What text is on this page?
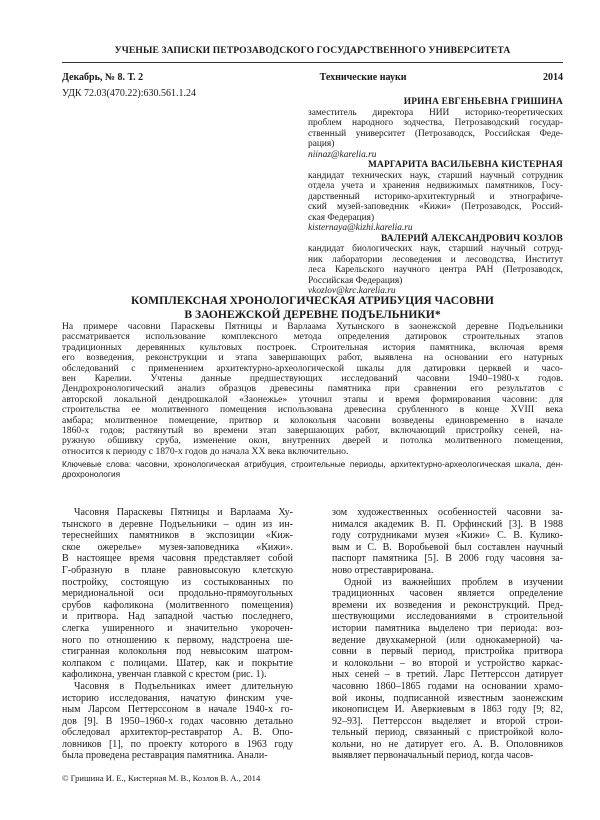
УЧЕНЫЕ ЗАПИСКИ ПЕТРОЗАВОДСКОГО ГОСУДАРСТВЕННОГО УНИВЕРСИТЕТА
Декабрь, № 8. Т. 2	Технические науки	2014
УДК 72.03(470.22):630.561.1.24
ИРИНА ЕВГЕНЬЕВНА ГРИШИНА
заместитель директора НИИ историко-теоретических
проблем народного зодчества, Петрозаводский государ-
ственный университет (Петрозаводск, Российская Феде-
рация)
niinaz@karelia.ru
МАРГАРИТА ВАСИЛЬЕВНА КИСТЕРНАЯ
кандидат технических наук, старший научный сотрудник
отдела учета и хранения недвижимых памятников, Госу-
дарственный историко-архитектурный и этнографиче-
ский музей-заповедник «Кижи» (Петрозаводск, Россий-
ская Федерация)
kisternaya@kizhi.karelia.ru
ВАЛЕРИЙ АЛЕКСАНДРОВИЧ КОЗЛОВ
кандидат биологических наук, старший научный сотруд-
ник лаборатории лесоведения и лесоводства, Институт
леса Карельского научного центра РАН (Петрозаводск,
Российская Федерация)
vkozlov@krc.karelia.ru
КОМПЛЕКСНАЯ ХРОНОЛОГИЧЕСКАЯ АТРИБУЦИЯ ЧАСОВНИ
В ЗАОНЕЖСКОЙ ДЕРЕВНЕ ПОДЪЕЛЬНИКИ*
На примере часовни Параскевы Пятницы и Варлаама Хутынского в заонежской деревне Подъельники
рассматривается использование комплексного метода определения датировок строительных этапов
традиционных деревянных культовых построек. Строительная история памятника, включая время
его возведения, реконструкции и этапа завершающих работ, выявлена на основании его натурных
обследований с применением архитектурно-археологической шкалы для датировки церквей и часо-
вен Карелии. Учтены данные предшествующих исследований часовни 1940–1980-х годов.
Дендрохронологический анализ образцов древесины памятника при сравнении его результатов с
авторской локальной дендрошкалой «Заонежье» уточнил этапы и время формирования часовни: для
строительства ее молитвенного помещения использована древесина срубленного в конце XVIII века
амбара; молитвенное помещение, притвор и колокольня часовни возведены единовременно в начале
1860-х годов; растянутый во времени этап завершающих работ, включающий пристройку сеней, на-
ружную обшивку сруба, изменение окон, внутренних дверей и потолка молитвенного помещения,
относится к периоду с 1870-х годов до начала XX века включительно.
Ключевые слова: часовни, хронологическая атрибуция, строительные периоды, архитектурно-археологическая шкала, ден-
дрохронология
Часовня Параскевы Пятницы и Варлаама Ху-
тынского в деревне Подъельники – один из ин-
тереснейших памятников в экспозиции «Киж-
ское ожерелье» музея-заповедника «Кижи».
В настоящее время часовня представляет собой
Г-образную в плане равновысокую клетскую
постройку, состоящую из состыкованных по
меридиональной оси продольно-прямоугольных
срубов кафоликона (молитвенного помещения)
и притвора. Над западной частью последнего,
слегка уширенного и значительно укорочен-
ного по отношению к первому, надстроена ше-
стигранная колокольня под невысоким шатром-
колпаком с полицами. Шатер, как и покрытие
кафоликона, увенчан главкой с крестом (рис. 1).
Часовня в Подъельниках имеет длительную
историю исследования, начатую финским уче-
ным Ларсом Петтерссоном в начале 1940-х го-
дов [9]. В 1950–1960-х годах часовню детально
обследовал архитектор-реставратор А. В. Опо-
ловников [1], по проекту которого в 1963 году
была проведена реставрация памятника. Анали-
зом художественных особенностей часовни за-
нимался академик В. П. Орфинский [3]. В 1988
году сотрудниками музея «Кижи» С. В. Кулико-
вым и С. В. Воробьевой был составлен научный
паспорт памятника [5]. В 2006 году часовня за-
ново отреставрирована.
Одной из важнейших проблем в изучении
традиционных часовен является определение
времени их возведения и реконструкций. Пред-
шествующими исследованиями в строительной
истории памятника выделено три периода: воз-
ведение двухкамерной (или однокамерной) ча-
совни в первый период, пристройка притвора
и колокольни – во второй и устройство каркас-
ных сеней – в третий. Ларс Петтерссон датирует
часовню 1860–1865 годами на основании храмо-
вой иконы, подписанной известным заонежским
иконописцем И. Аверкиевым в 1863 году [9; 82,
92–93]. Петтерссон выделяет и второй строи-
тельный период, связанный с пристройкой коло-
кольни, но не датирует его. А. В. Ополовников
выявляет первоначальный период, когда часов-
© Гришина И. Е., Кистерная М. В., Козлов В. А., 2014
